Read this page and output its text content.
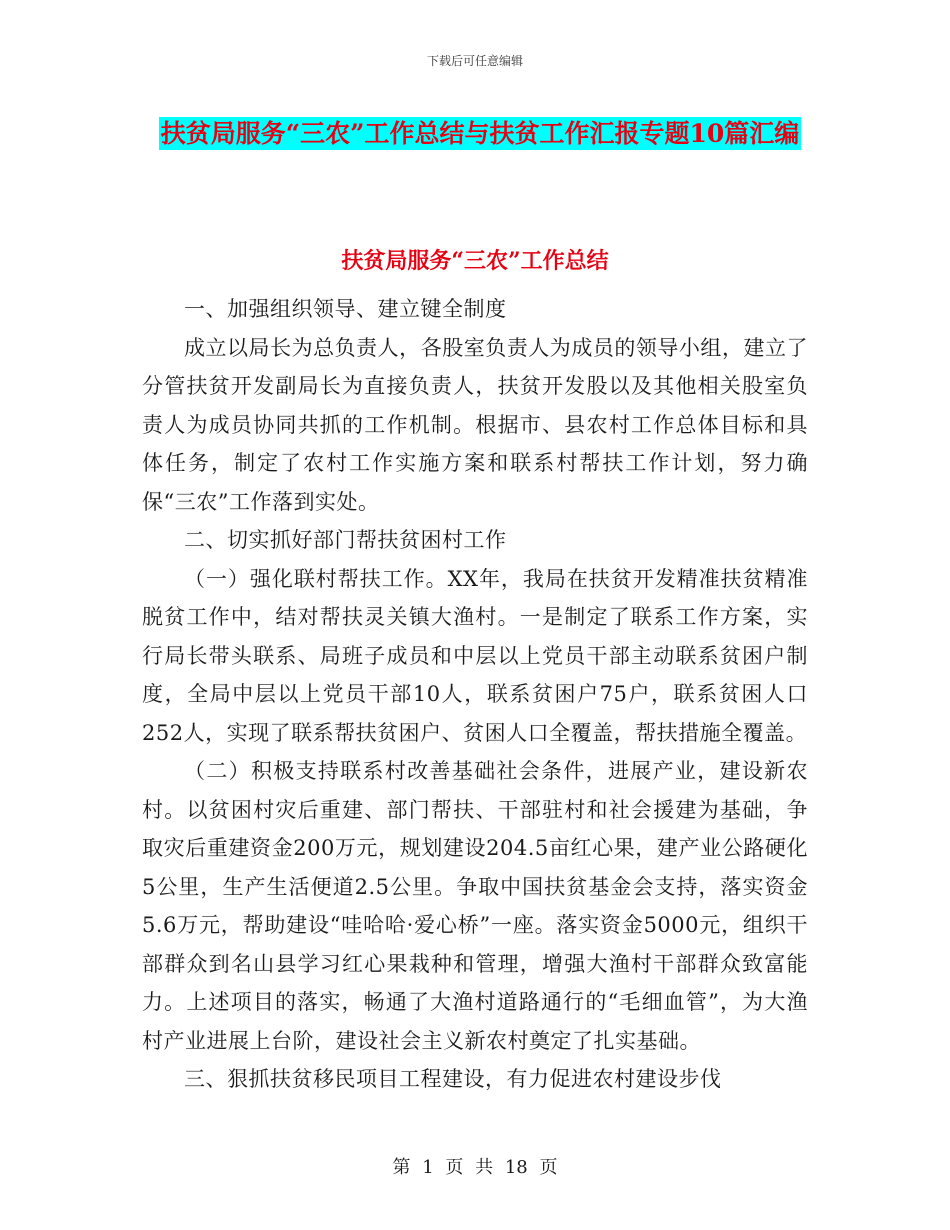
下载后可任意编辑
扶贫局服务“三农”工作总结与扶贫工作汇报专题10篇汇编
扶贫局服务“三农”工作总结

一、加强组织领导、建立键全制度

成立以局长为总负责人，各股室负责人为成员的领导小组，建立了分管扶贫开发副局长为直接负责人，扶贫开发股以及其他相关股室负责人为成员协同共抓的工作机制。根据市、县农村工作总体目标和具体任务，制定了农村工作实施方案和联系村帮扶工作计划，努力确保“三农”工作落到实处。

二、切实抓好部门帮扶贫困村工作

（一）强化联村帮扶工作。XX年，我局在扶贫开发精准扶贫精准脱贫工作中，结对帮扶灵关镇大渔村。一是制定了联系工作方案，实行局长带头联系、局班子成员和中层以上党员干部主动联系贫困户制度，全局中层以上党员干部10人，联系贫困户75户，联系贫困人口252人，实现了联系帮扶贫困户、贫困人口全覆盖，帮扶措施全覆盖。

（二）积极支持联系村改善基础社会条件，进展产业，建设新农村。以贫困村灾后重建、部门帮扶、干部驻村和社会援建为基础，争取灾后重建资金200万元，规划建设204.5亩红心果，建产业公路硬化5公里，生产生活便道2.5公里。争取中国扶贫基金会支持，落实资金5.6万元，帮助建设“哇哈哈·爱心桥”一座。落实资金5000元，组织干部群众到名山县学习红心果栽种和管理，增强大渔村干部群众致富能力。上述项目的落实，畅通了大渔村道路通行的“毛细血管”，为大渔村产业进展上台阶，建设社会主义新农村奠定了扎实基础。

三、狠抓扶贫移民项目工程建设，有力促进农村建设步伐

第 1 页 共 18 页
